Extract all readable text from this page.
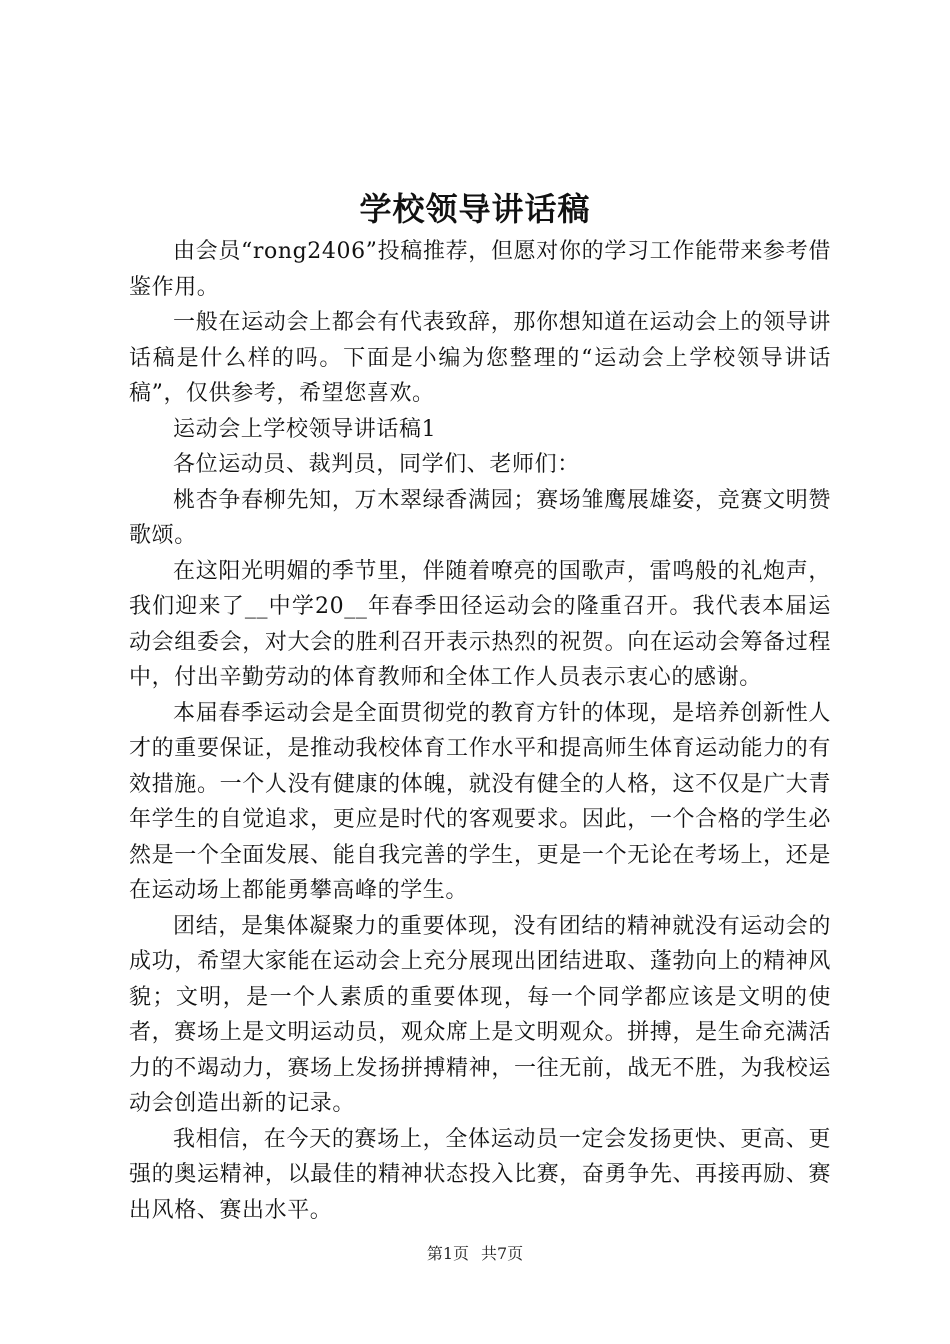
学校领导讲话稿

由会员“rong2406”投稿推荐，但愿对你的学习工作能带来参考借鉴作用。

一般在运动会上都会有代表致辞，那你想知道在运动会上的领导讲话稿是什么样的吗。下面是小编为您整理的“运动会上学校领导讲话稿”，仅供参考，希望您喜欢。

运动会上学校领导讲话稿1

各位运动员、裁判员，同学们、老师们：

桃杏争春柳先知，万木翠绿香满园；赛场雏鹰展雄姿，竞赛文明赞歌颂。

在这阳光明媚的季节里，伴随着嘹亮的国歌声，雷鸣般的礼炮声，我们迎来了__中学20__年春季田径运动会的隆重召开。我代表本届运动会组委会，对大会的胜利召开表示热烈的祝贺。向在运动会筹备过程中，付出辛勤劳动的体育教师和全体工作人员表示衷心的感谢。

本届春季运动会是全面贯彻党的教育方针的体现，是培养创新性人才的重要保证，是推动我校体育工作水平和提高师生体育运动能力的有效措施。一个人没有健康的体魄，就没有健全的人格，这不仅是广大青年学生的自觉追求，更应是时代的客观要求。因此，一个合格的学生必然是一个全面发展、能自我完善的学生，更是一个无论在考场上，还是在运动场上都能勇攀高峰的学生。

团结，是集体凝聚力的重要体现，没有团结的精神就没有运动会的成功，希望大家能在运动会上充分展现出团结进取、蓬勃向上的精神风貌；文明，是一个人素质的重要体现，每一个同学都应该是文明的使者，赛场上是文明运动员，观众席上是文明观众。拼搏，是生命充满活力的不竭动力，赛场上发扬拼搏精神，一往无前，战无不胜，为我校运动会创造出新的记录。

我相信，在今天的赛场上，全体运动员一定会发扬更快、更高、更强的奥运精神，以最佳的精神状态投入比赛，奋勇争先、再接再励、赛出风格、赛出水平。

第1页 共7页
